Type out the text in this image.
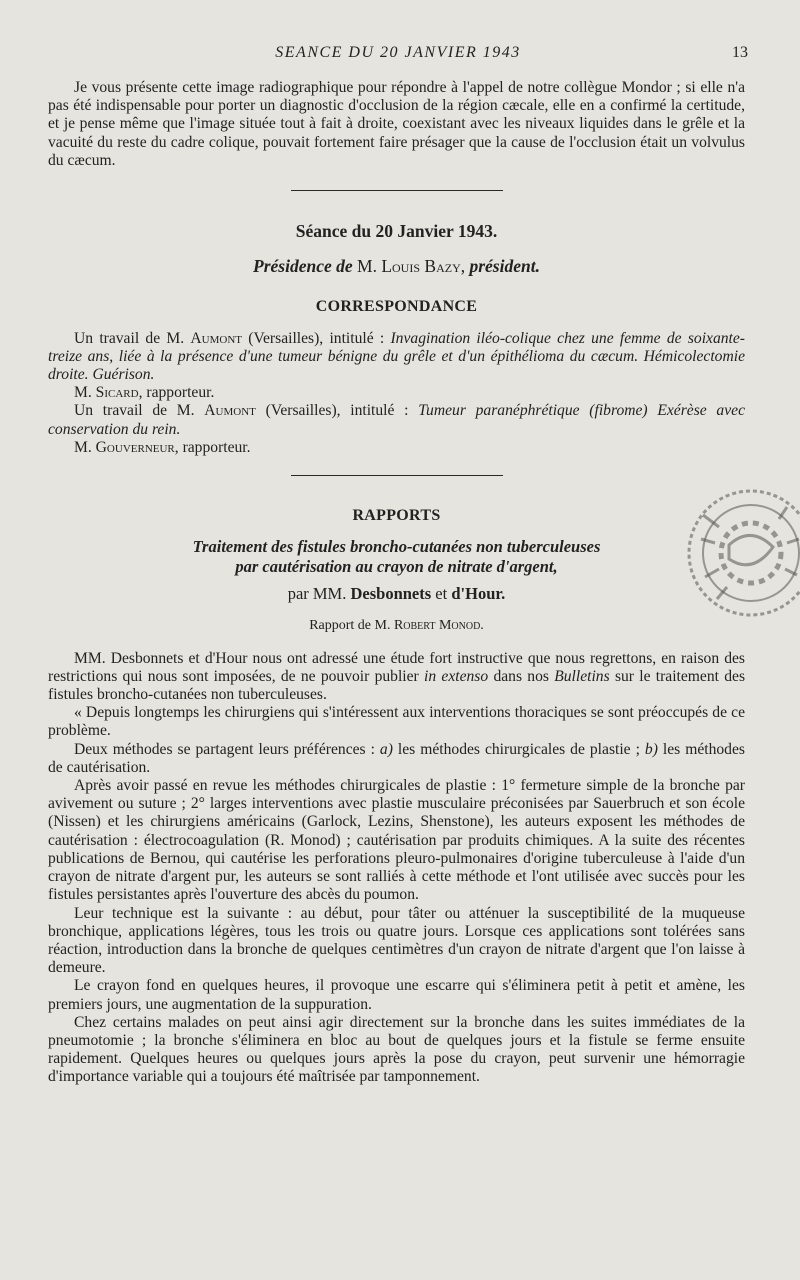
SEANCE DU 20 JANVIER 1943	13

Je vous présente cette image radiographique pour répondre à l'appel de notre collègue Mondor ; si elle n'a pas été indispensable pour porter un diagnostic d'occlusion de la région cæcale, elle en a confirmé la certitude, et je pense même que l'image située tout à fait à droite, coexistant avec les niveaux liquides dans le grêle et la vacuité du reste du cadre colique, pouvait fortement faire présager que la cause de l'occlusion était un volvulus du cæcum.

Séance du 20 Janvier 1943.
Présidence de M. Louis Bazy, président.
CORRESPONDANCE

Un travail de M. Aumont (Versailles), intitulé : Invagination iléo-colique chez une femme de soixante-treize ans, liée à la présence d'une tumeur bénigne du grêle et d'un épithélioma du cæcum. Hémicolectomie droite. Guérison.

M. Sicard, rapporteur.

Un travail de M. Aumont (Versailles), intitulé : Tumeur paranéphrétique (fibrome) Exérèse avec conservation du rein.

M. Gouverneur, rapporteur.

RAPPORTS
Traitement des fistules broncho-cutanées non tuberculeuses
par cautérisation au crayon de nitrate d'argent,
par MM. Desbonnets et d'Hour.
Rapport de M. Robert Monod.

MM. Desbonnets et d'Hour nous ont adressé une étude fort instructive que nous regrettons, en raison des restrictions qui nous sont imposées, de ne pouvoir publier in extenso dans nos Bulletins sur le traitement des fistules broncho-cutanées non tuberculeuses.

« Depuis longtemps les chirurgiens qui s'intéressent aux interventions thoraciques se sont préoccupés de ce problème.

Deux méthodes se partagent leurs préférences : a) les méthodes chirurgicales de plastie ; b) les méthodes de cautérisation.

Après avoir passé en revue les méthodes chirurgicales de plastie : 1° fermeture simple de la bronche par avivement ou suture ; 2° larges interventions avec plastie musculaire préconisées par Sauerbruch et son école (Nissen) et les chirurgiens américains (Garlock, Lezins, Shenstone), les auteurs exposent les méthodes de cautérisation : électrocoagulation (R. Monod) ; cautérisation par produits chimiques. A la suite des récentes publications de Bernou, qui cautérise les perforations pleuro-pulmonaires d'origine tuberculeuse à l'aide d'un crayon de nitrate d'argent pur, les auteurs se sont ralliés à cette méthode et l'ont utilisée avec succès pour les fistules persistantes après l'ouverture des abcès du poumon.

Leur technique est la suivante : au début, pour tâter ou atténuer la susceptibilité de la muqueuse bronchique, applications légères, tous les trois ou quatre jours. Lorsque ces applications sont tolérées sans réaction, introduction dans la bronche de quelques centimètres d'un crayon de nitrate d'argent que l'on laisse à demeure.

Le crayon fond en quelques heures, il provoque une escarre qui s'éliminera petit à petit et amène, les premiers jours, une augmentation de la suppuration.

Chez certains malades on peut ainsi agir directement sur la bronche dans les suites immédiates de la pneumotomie ; la bronche s'éliminera en bloc au bout de quelques jours et la fistule se ferme ensuite rapidement. Quelques heures ou quelques jours après la pose du crayon, peut survenir une hémorragie d'importance variable qui a toujours été maîtrisée par tamponnement.
